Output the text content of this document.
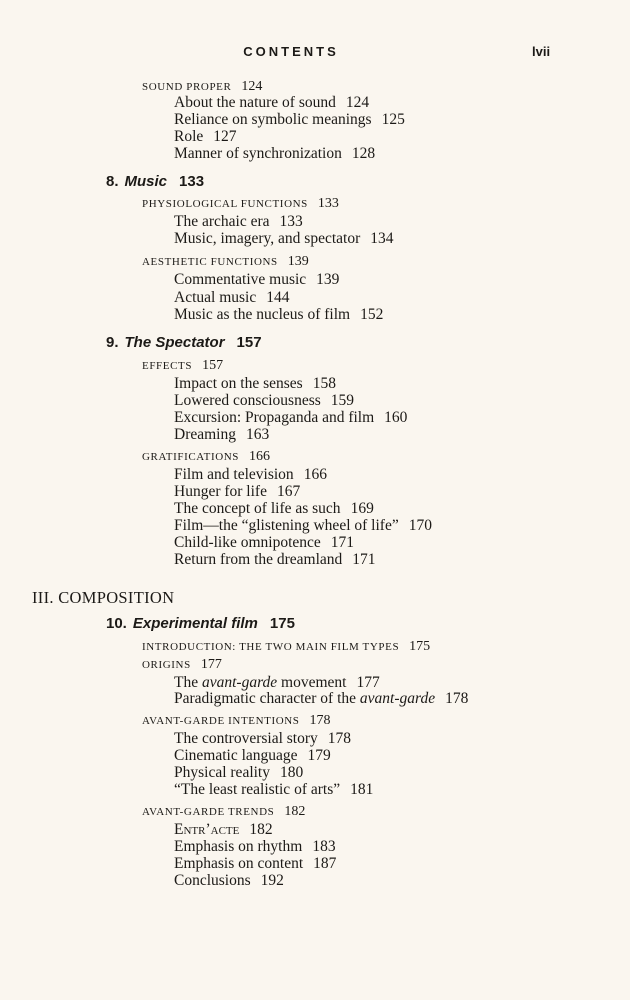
CONTENTS	lvii
SOUND PROPER 124
About the nature of sound 124
Reliance on symbolic meanings 125
Role 127
Manner of synchronization 128
8. Music 133
PHYSIOLOGICAL FUNCTIONS 133
The archaic era 133
Music, imagery, and spectator 134
AESTHETIC FUNCTIONS 139
Commentative music 139
Actual music 144
Music as the nucleus of film 152
9. The Spectator 157
EFFECTS 157
Impact on the senses 158
Lowered consciousness 159
Excursion: Propaganda and film 160
Dreaming 163
GRATIFICATIONS 166
Film and television 166
Hunger for life 167
The concept of life as such 169
Film—the “glistening wheel of life” 170
Child-like omnipotence 171
Return from the dreamland 171
III. COMPOSITION
10. Experimental film 175
INTRODUCTION: THE TWO MAIN FILM TYPES 175
ORIGINS 177
The avant-garde movement 177
Paradigmatic character of the avant-garde 178
AVANT-GARDE INTENTIONS 178
The controversial story 178
Cinematic language 179
Physical reality 180
“The least realistic of arts” 181
AVANT-GARDE TRENDS 182
Entr’acte 182
Emphasis on rhythm 183
Emphasis on content 187
Conclusions 192
